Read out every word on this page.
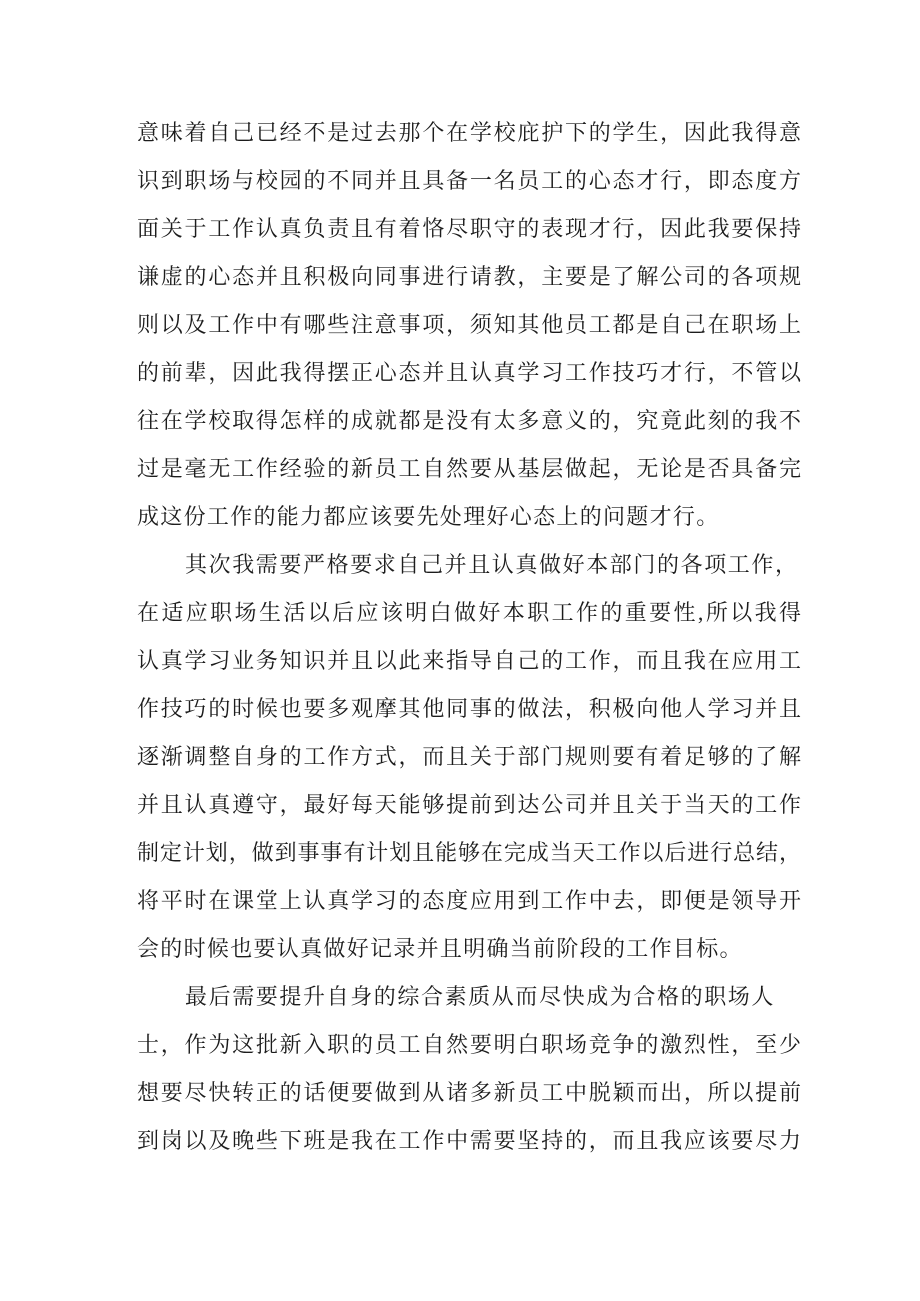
意味着自己已经不是过去那个在学校庇护下的学生，因此我得意
识到职场与校园的不同并且具备一名员工的心态才行，即态度方
面关于工作认真负责且有着恪尽职守的表现才行，因此我要保持
谦虚的心态并且积极向同事进行请教，主要是了解公司的各项规
则以及工作中有哪些注意事项，须知其他员工都是自己在职场上
的前辈，因此我得摆正心态并且认真学习工作技巧才行，不管以
往在学校取得怎样的成就都是没有太多意义的，究竟此刻的我不
过是毫无工作经验的新员工自然要从基层做起，无论是否具备完
成这份工作的能力都应该要先处理好心态上的问题才行。
其次我需要严格要求自己并且认真做好本部门的各项工作，
在适应职场生活以后应该明白做好本职工作的重要性,所以我得
认真学习业务知识并且以此来指导自己的工作，而且我在应用工
作技巧的时候也要多观摩其他同事的做法，积极向他人学习并且
逐渐调整自身的工作方式，而且关于部门规则要有着足够的了解
并且认真遵守，最好每天能够提前到达公司并且关于当天的工作
制定计划，做到事事有计划且能够在完成当天工作以后进行总结，
将平时在课堂上认真学习的态度应用到工作中去，即便是领导开
会的时候也要认真做好记录并且明确当前阶段的工作目标。
最后需要提升自身的综合素质从而尽快成为合格的职场人
士，作为这批新入职的员工自然要明白职场竞争的激烈性，至少
想要尽快转正的话便要做到从诸多新员工中脱颖而出，所以提前
到岗以及晚些下班是我在工作中需要坚持的，而且我应该要尽力
